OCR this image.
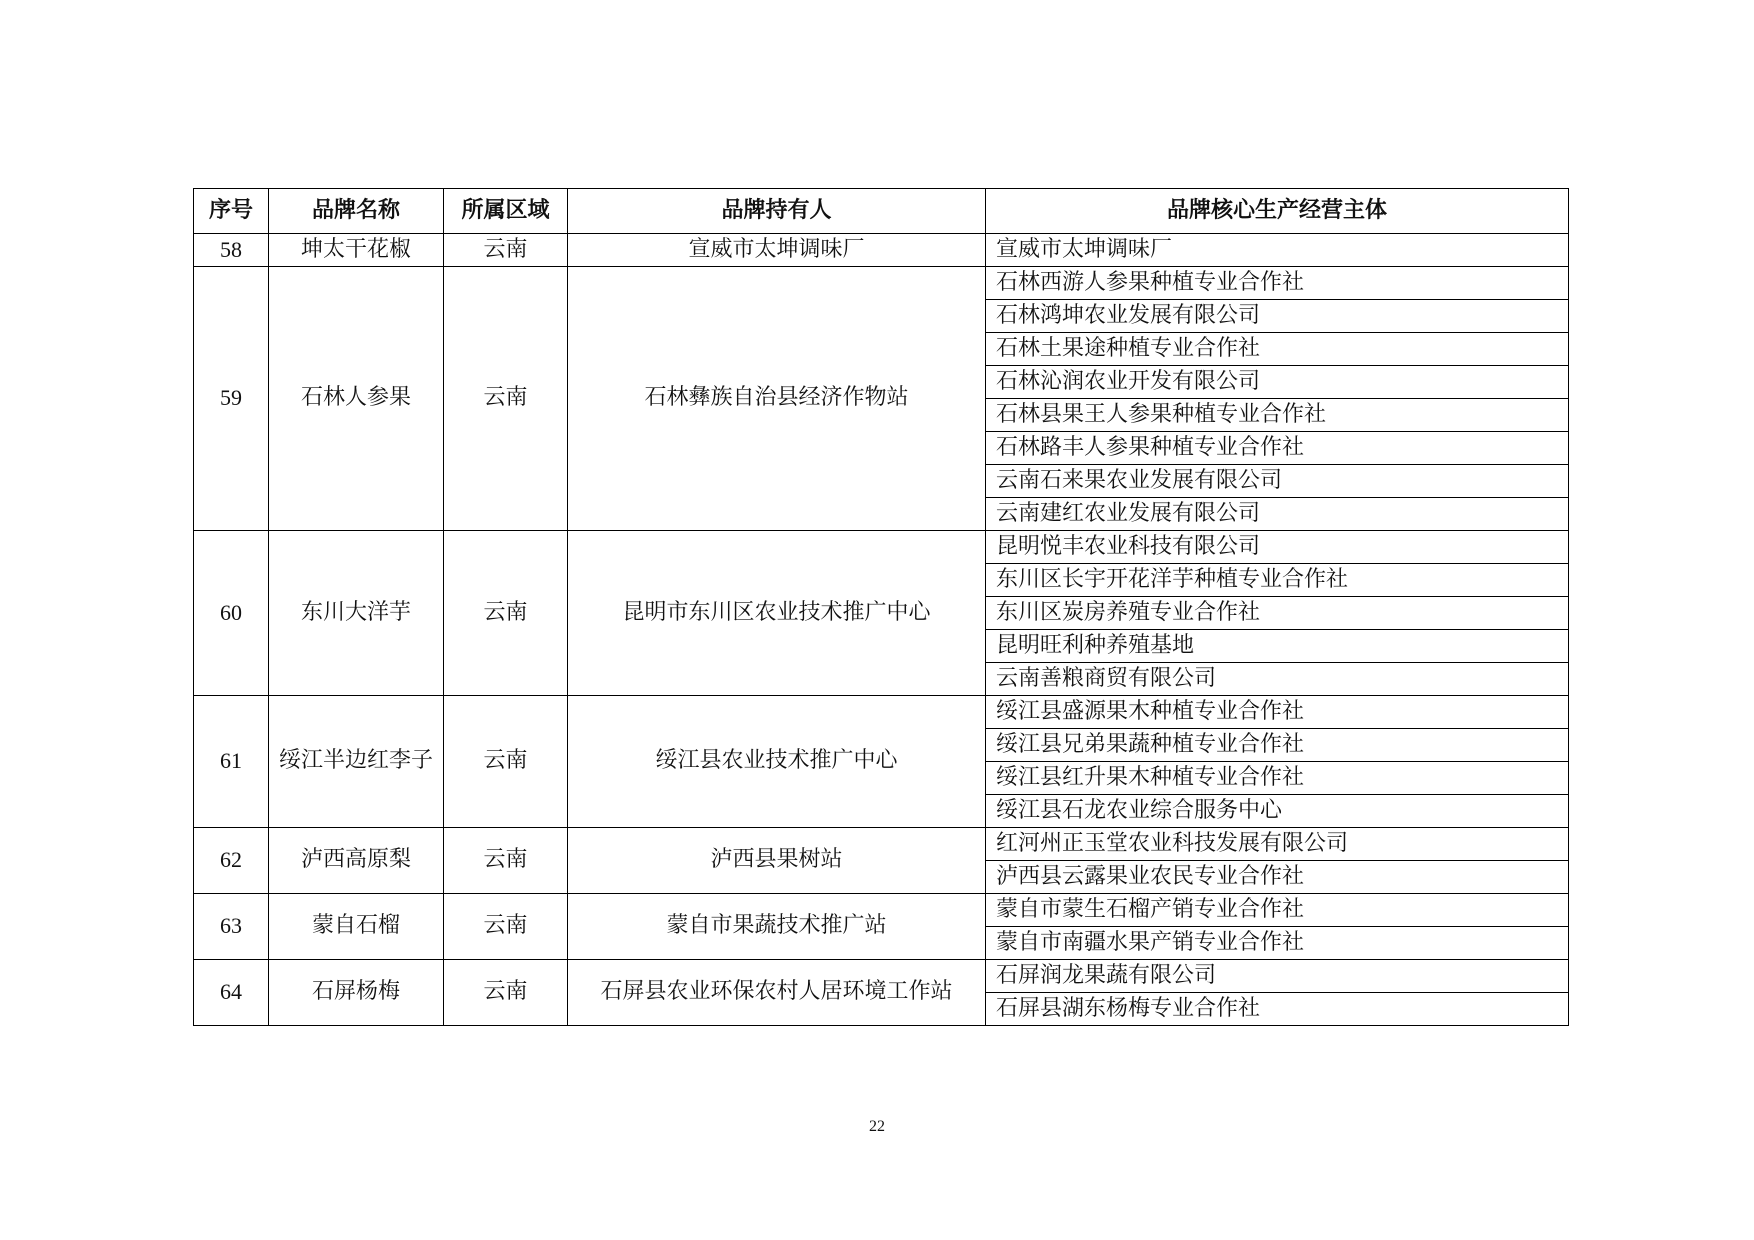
序号	品牌名称	所属区域	品牌持有人	品牌核心生产经营主体
58	坤太干花椒	云南	宣威市太坤调味厂	宣威市太坤调味厂
59	石林人参果	云南	石林彝族自治县经济作物站	石林西游人参果种植专业合作社
				石林鸿坤农业发展有限公司
				石林土果途种植专业合作社
				石林沁润农业开发有限公司
				石林县果王人参果种植专业合作社
				石林路丰人参果种植专业合作社
				云南石来果农业发展有限公司
				云南建红农业发展有限公司
60	东川大洋芋	云南	昆明市东川区农业技术推广中心	昆明悦丰农业科技有限公司
				东川区长宇开花洋芋种植专业合作社
				东川区炭房养殖专业合作社
				昆明旺利种养殖基地
				云南善粮商贸有限公司
61	绥江半边红李子	云南	绥江县农业技术推广中心	绥江县盛源果木种植专业合作社
				绥江县兄弟果蔬种植专业合作社
				绥江县红升果木种植专业合作社
				绥江县石龙农业综合服务中心
62	泸西高原梨	云南	泸西县果树站	红河州正玉堂农业科技发展有限公司
				泸西县云露果业农民专业合作社
63	蒙自石榴	云南	蒙自市果蔬技术推广站	蒙自市蒙生石榴产销专业合作社
				蒙自市南疆水果产销专业合作社
64	石屏杨梅	云南	石屏县农业环保农村人居环境工作站	石屏润龙果蔬有限公司
				石屏县湖东杨梅专业合作社
22
